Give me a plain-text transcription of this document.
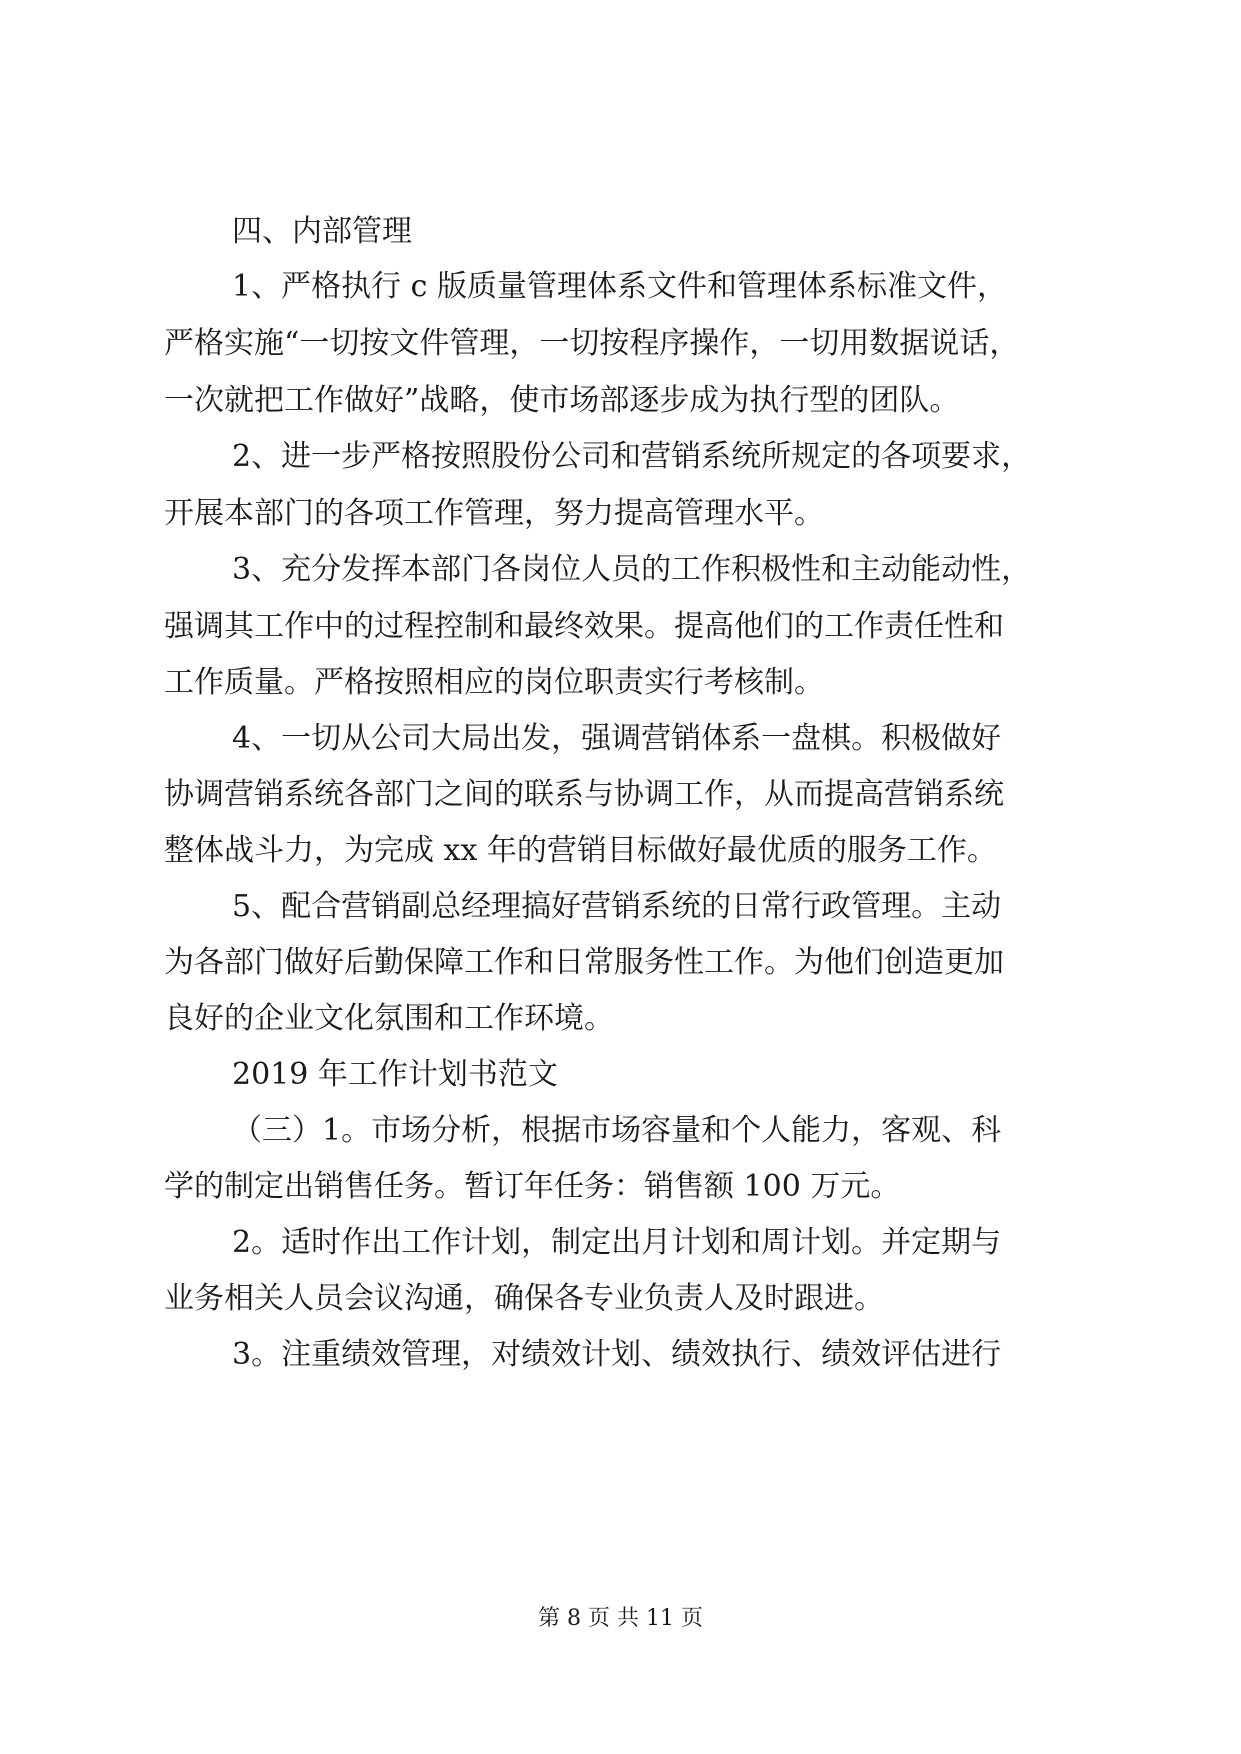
四、内部管理

1、严格执行 c 版质量管理体系文件和管理体系标准文件，

严格实施“一切按文件管理，一切按程序操作，一切用数据说话，

一次就把工作做好”战略，使市场部逐步成为执行型的团队。

2、进一步严格按照股份公司和营销系统所规定的各项要求，

开展本部门的各项工作管理，努力提高管理水平。

3、充分发挥本部门各岗位人员的工作积极性和主动能动性，

强调其工作中的过程控制和最终效果。提高他们的工作责任性和

工作质量。严格按照相应的岗位职责实行考核制。

4、一切从公司大局出发，强调营销体系一盘棋。积极做好

协调营销系统各部门之间的联系与协调工作，从而提高营销系统

整体战斗力，为完成 xx 年的营销目标做好最优质的服务工作。

5、配合营销副总经理搞好营销系统的日常行政管理。主动

为各部门做好后勤保障工作和日常服务性工作。为他们创造更加

良好的企业文化氛围和工作环境。

2019 年工作计划书范文

（三）1。市场分析，根据市场容量和个人能力，客观、科

学的制定出销售任务。暂订年任务：销售额 100 万元。

2。适时作出工作计划，制定出月计划和周计划。并定期与

业务相关人员会议沟通，确保各专业负责人及时跟进。

3。注重绩效管理，对绩效计划、绩效执行、绩效评估进行

第 8 页 共 11 页
